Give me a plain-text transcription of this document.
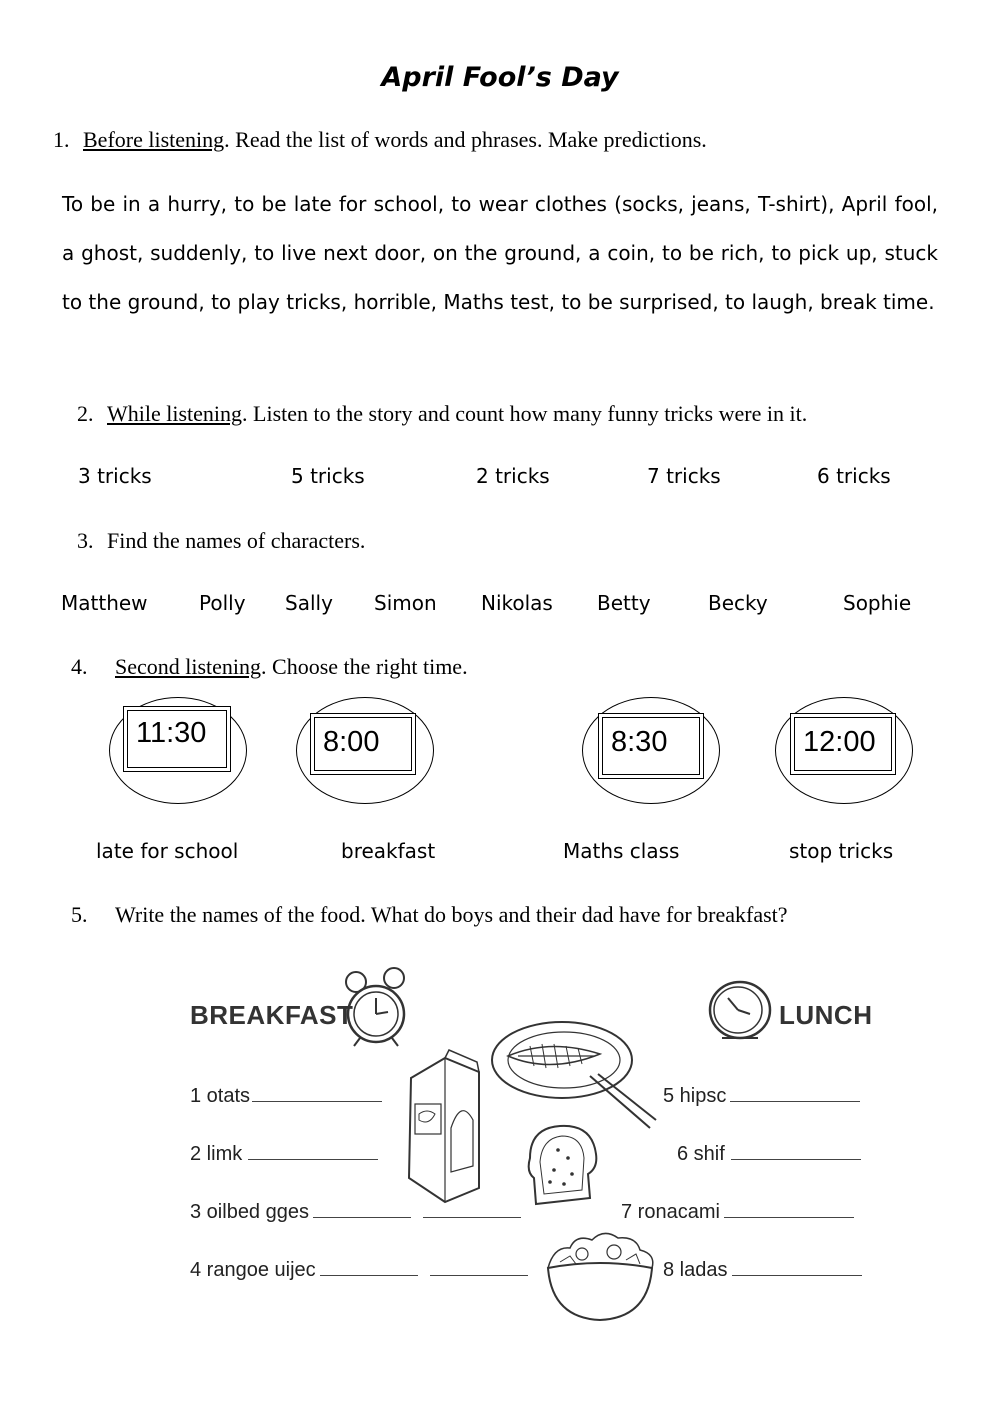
April Fool’s Day
1. Before listening. Read the list of words and phrases. Make predictions.
To be in a hurry, to be late for school, to wear clothes (socks, jeans, T-shirt), April fool, a ghost, suddenly, to live next door, on the ground, a coin, to be rich, to pick up, stuck to the ground, to play tricks, horrible, Maths test, to be surprised, to laugh, break time.
2. While listening. Listen to the story and count how many funny tricks were in it.
3 tricks	5 tricks	2 tricks	7 tricks	6 tricks
3. Find the names of characters.
Matthew	Polly Sally Simon Nikolas Betty	Becky	Sophie
4. Second listening. Choose the right time.
11:30	8:00	8:30	12:00
late for school	breakfast	Maths class	stop tricks
5. Write the names of the food. What do boys and their dad have for breakfast?
BREAKFAST	LUNCH
1 otats
2 limk
3 oilbed gges
4 rangoe uijec
5 hipsc
6 shif
7 ronacami
8 ladas
